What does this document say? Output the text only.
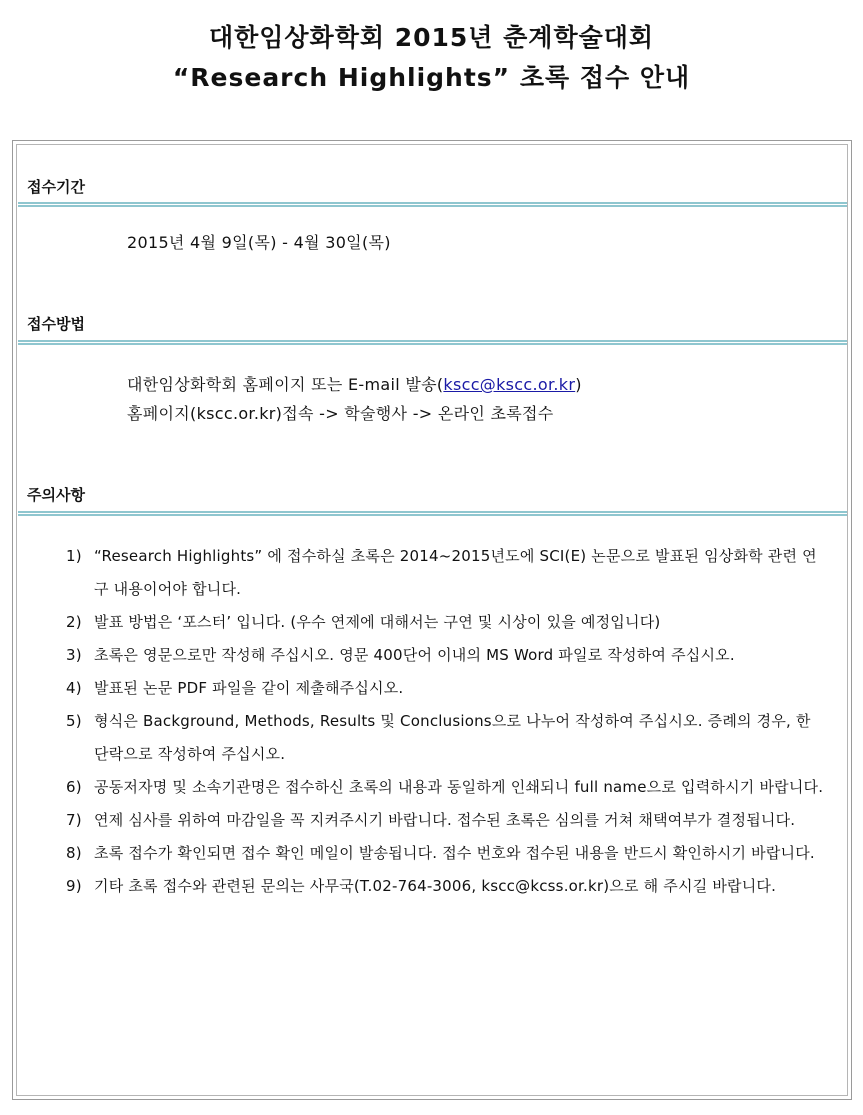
대한임상화학회 2015년 춘계학술대회
“Research Highlights” 초록 접수 안내
접수기간
2015년 4월 9일(목) - 4월 30일(목)
접수방법
대한임상화학회 홈페이지 또는 E-mail 발송(kscc@kscc.or.kr)
홈페이지(kscc.or.kr)접속 -> 학술행사 -> 온라인 초록접수
주의사항
1) “Research Highlights” 에 접수하실 초록은 2014~2015년도에 SCI(E) 논문으로 발표된 임상화학 관련 연구 내용이어야 합니다.
2) 발표 방법은 ‘포스터’ 입니다. (우수 연제에 대해서는 구연 및 시상이 있을 예정입니다)
3) 초록은 영문으로만 작성해 주십시오. 영문 400단어 이내의 MS Word 파일로 작성하여 주십시오.
4) 발표된 논문 PDF 파일을 같이 제출해주십시오.
5) 형식은 Background, Methods, Results 및 Conclusions으로 나누어 작성하여 주십시오. 증례의 경우, 한 단락으로 작성하여 주십시오.
6) 공동저자명 및 소속기관명은 접수하신 초록의 내용과 동일하게 인쇄되니 full name으로 입력하시기 바랍니다.
7) 연제 심사를 위하여 마감일을 꼭 지켜주시기 바랍니다. 접수된 초록은 심의를 거쳐 채택여부가 결정됩니다.
8) 초록 접수가 확인되면 접수 확인 메일이 발송됩니다. 접수 번호와 접수된 내용을 반드시 확인하시기 바랍니다.
9) 기타 초록 접수와 관련된 문의는 사무국(T.02-764-3006, kscc@kcss.or.kr)으로 해 주시길 바랍니다.
